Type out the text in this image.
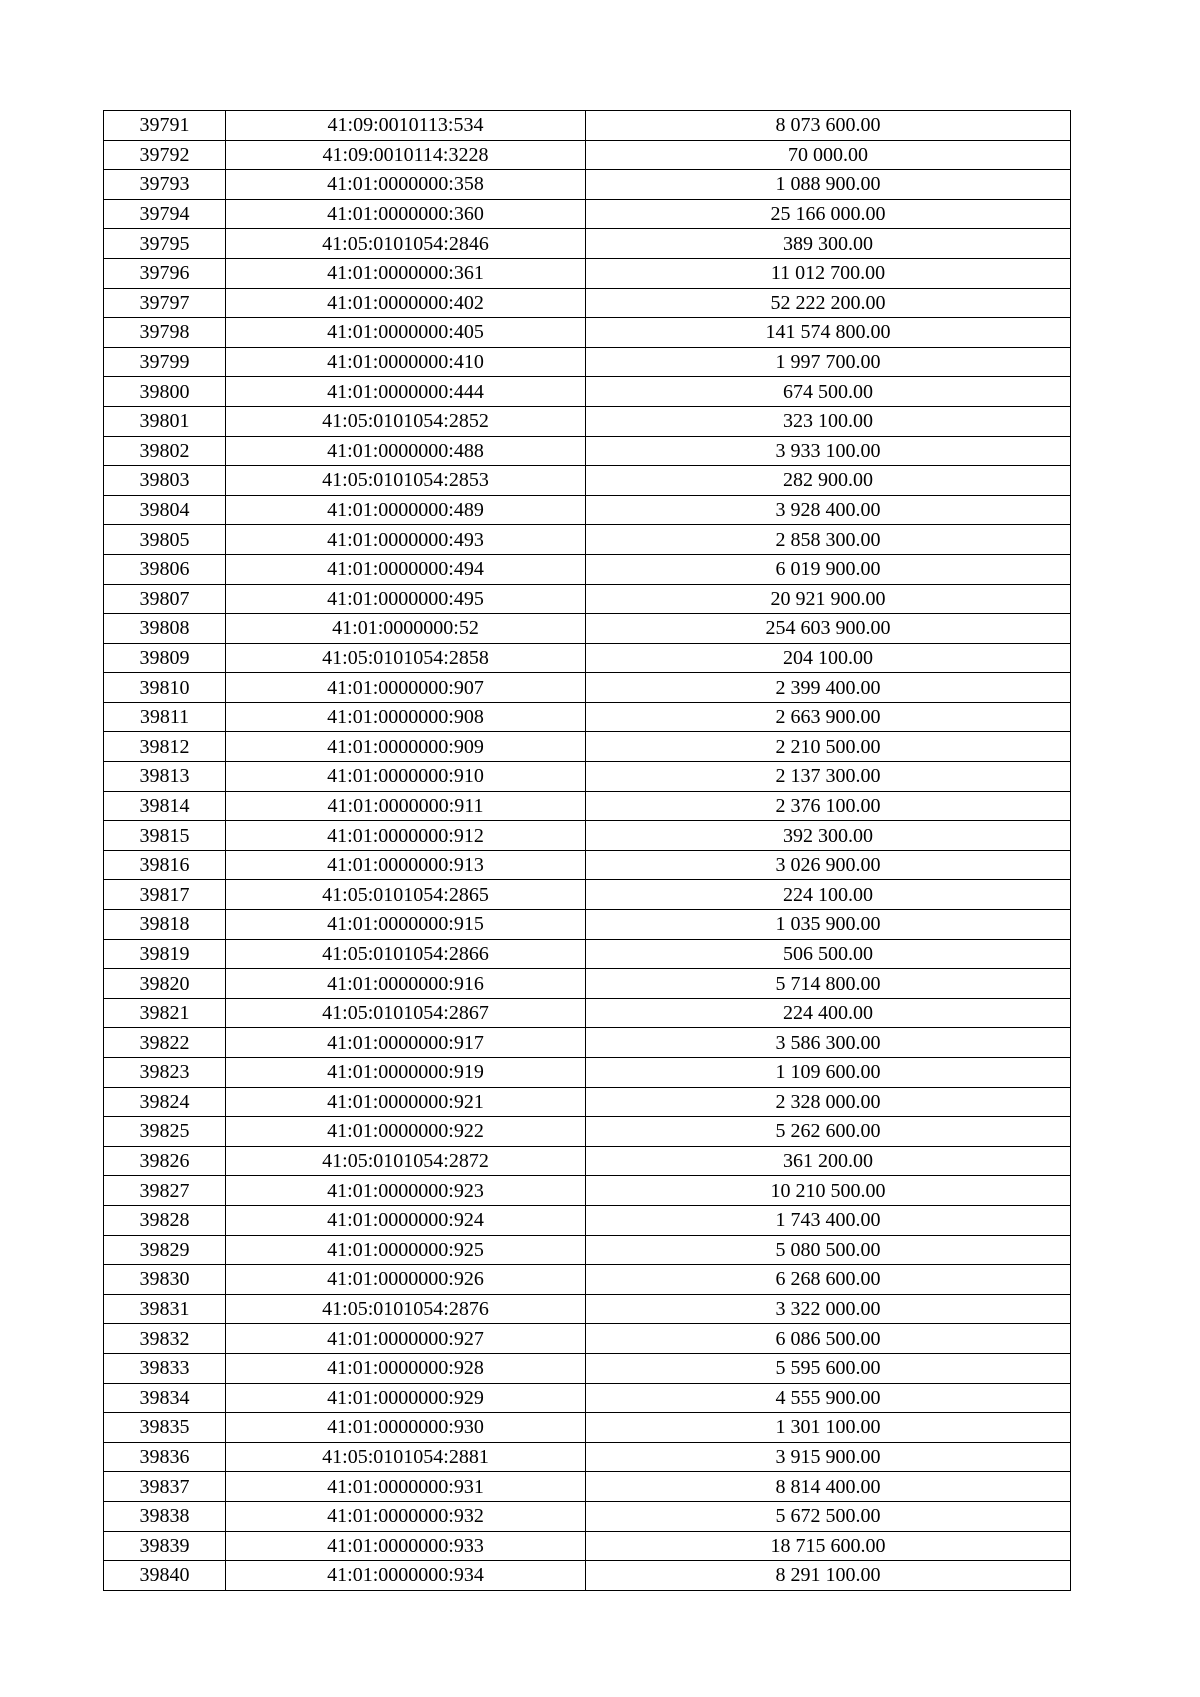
39791	41:09:0010113:534	8 073 600.00
39792	41:09:0010114:3228	70 000.00
39793	41:01:0000000:358	1 088 900.00
39794	41:01:0000000:360	25 166 000.00
39795	41:05:0101054:2846	389 300.00
39796	41:01:0000000:361	11 012 700.00
39797	41:01:0000000:402	52 222 200.00
39798	41:01:0000000:405	141 574 800.00
39799	41:01:0000000:410	1 997 700.00
39800	41:01:0000000:444	674 500.00
39801	41:05:0101054:2852	323 100.00
39802	41:01:0000000:488	3 933 100.00
39803	41:05:0101054:2853	282 900.00
39804	41:01:0000000:489	3 928 400.00
39805	41:01:0000000:493	2 858 300.00
39806	41:01:0000000:494	6 019 900.00
39807	41:01:0000000:495	20 921 900.00
39808	41:01:0000000:52	254 603 900.00
39809	41:05:0101054:2858	204 100.00
39810	41:01:0000000:907	2 399 400.00
39811	41:01:0000000:908	2 663 900.00
39812	41:01:0000000:909	2 210 500.00
39813	41:01:0000000:910	2 137 300.00
39814	41:01:0000000:911	2 376 100.00
39815	41:01:0000000:912	392 300.00
39816	41:01:0000000:913	3 026 900.00
39817	41:05:0101054:2865	224 100.00
39818	41:01:0000000:915	1 035 900.00
39819	41:05:0101054:2866	506 500.00
39820	41:01:0000000:916	5 714 800.00
39821	41:05:0101054:2867	224 400.00
39822	41:01:0000000:917	3 586 300.00
39823	41:01:0000000:919	1 109 600.00
39824	41:01:0000000:921	2 328 000.00
39825	41:01:0000000:922	5 262 600.00
39826	41:05:0101054:2872	361 200.00
39827	41:01:0000000:923	10 210 500.00
39828	41:01:0000000:924	1 743 400.00
39829	41:01:0000000:925	5 080 500.00
39830	41:01:0000000:926	6 268 600.00
39831	41:05:0101054:2876	3 322 000.00
39832	41:01:0000000:927	6 086 500.00
39833	41:01:0000000:928	5 595 600.00
39834	41:01:0000000:929	4 555 900.00
39835	41:01:0000000:930	1 301 100.00
39836	41:05:0101054:2881	3 915 900.00
39837	41:01:0000000:931	8 814 400.00
39838	41:01:0000000:932	5 672 500.00
39839	41:01:0000000:933	18 715 600.00
39840	41:01:0000000:934	8 291 100.00
